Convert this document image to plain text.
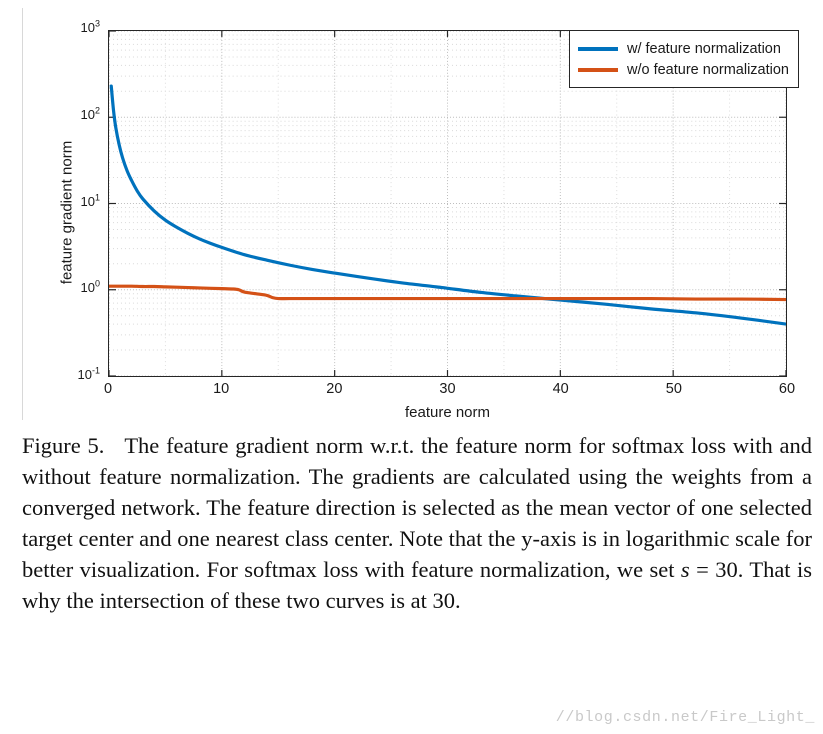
feature gradient norm
0	10	20	30	40	50	60
$10^{-1}$
$10^0$
$10^1$
$10^2$
$10^3$
feature norm
w/ feature normalization
w/o feature normalization
Figure 5. The feature gradient norm w.r.t. the feature norm for softmax loss with and without feature normalization. The gradients are calculated using the weights from a converged network. The feature direction is selected as the mean vector of one selected target center and one nearest class center. Note that the y-axis is in logarithmic scale for better visualization. For softmax loss with feature normalization, we set s = 30. That is why the intersection of these two curves is at 30.
//blog.csdn.net/Fire_Light_
